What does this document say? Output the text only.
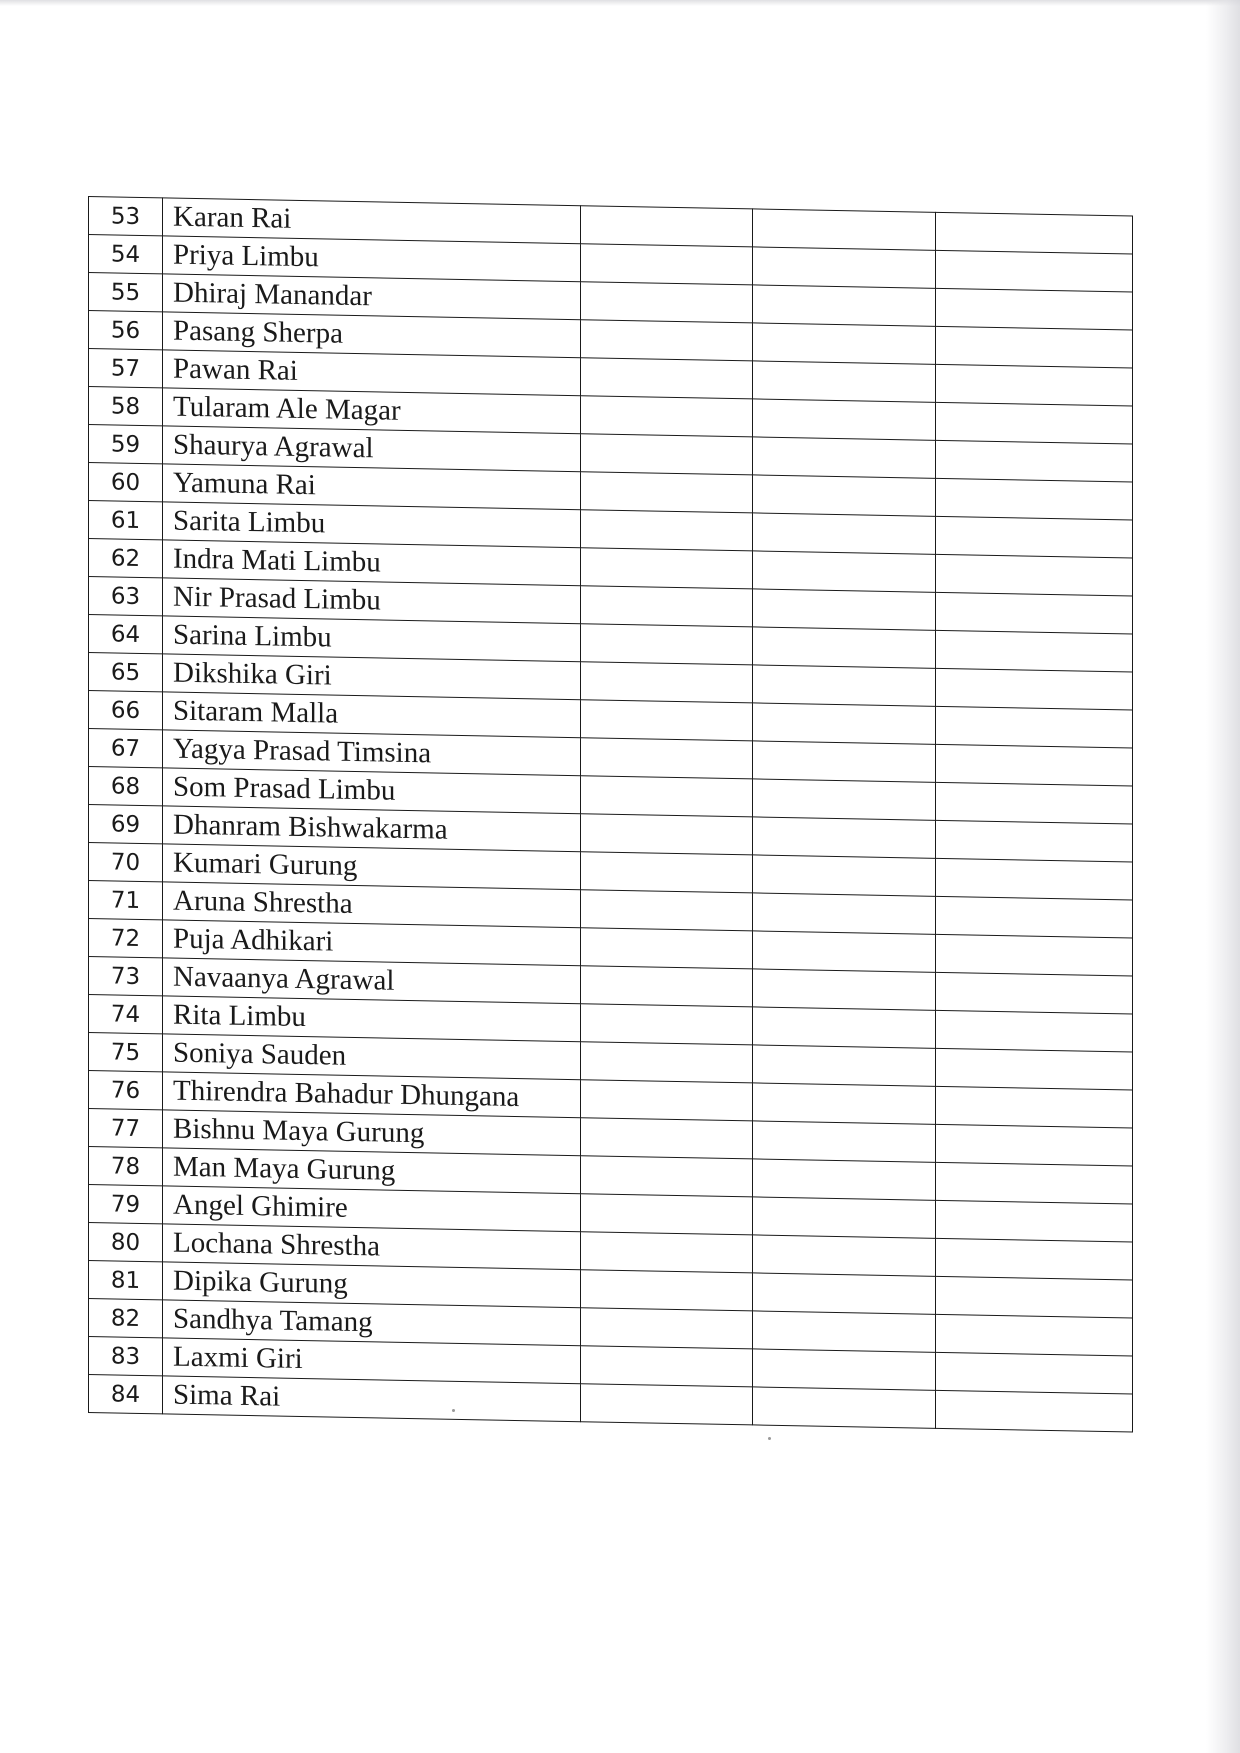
53	Karan Rai			
54	Priya Limbu			
55	Dhiraj Manandar			
56	Pasang Sherpa			
57	Pawan Rai			
58	Tularam Ale Magar			
59	Shaurya Agrawal			
60	Yamuna Rai			
61	Sarita Limbu			
62	Indra Mati Limbu			
63	Nir Prasad Limbu			
64	Sarina Limbu			
65	Dikshika Giri			
66	Sitaram Malla			
67	Yagya Prasad Timsina			
68	Som Prasad Limbu			
69	Dhanram Bishwakarma			
70	Kumari Gurung			
71	Aruna Shrestha			
72	Puja Adhikari			
73	Navaanya Agrawal			
74	Rita Limbu			
75	Soniya Sauden			
76	Thirendra Bahadur Dhungana			
77	Bishnu Maya Gurung			
78	Man Maya Gurung			
79	Angel Ghimire			
80	Lochana Shrestha			
81	Dipika Gurung			
82	Sandhya Tamang			
83	Laxmi Giri			
84	Sima Rai			
